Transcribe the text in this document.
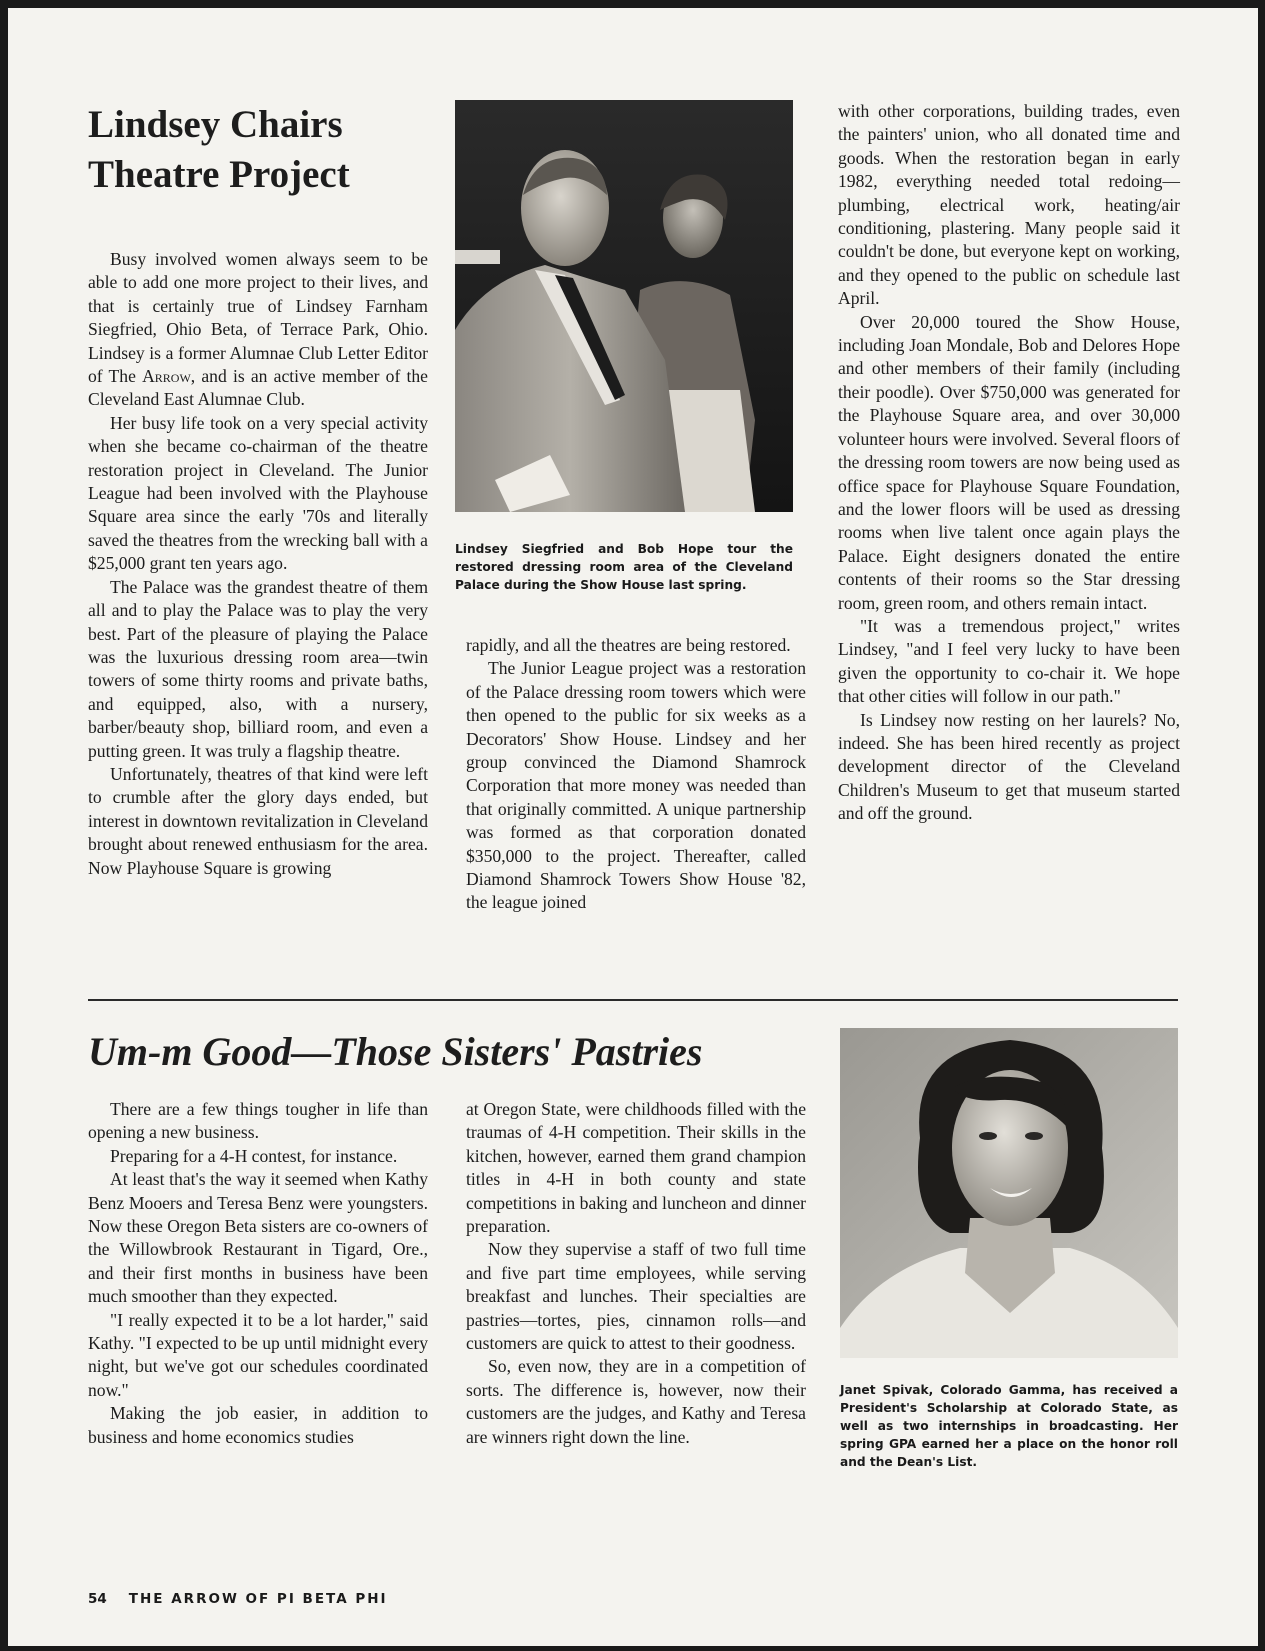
Lindsey Chairs
Theatre Project

Busy involved women always seem to be able to add one more project to their lives, and that is certainly true of Lindsey Farnham Siegfried, Ohio Beta, of Terrace Park, Ohio. Lindsey is a former Alumnae Club Letter Editor of The Arrow, and is an active member of the Cleveland East Alumnae Club.

Her busy life took on a very special activity when she became co-chairman of the theatre restoration project in Cleveland. The Junior League had been involved with the Playhouse Square area since the early '70s and literally saved the theatres from the wrecking ball with a $25,000 grant ten years ago.

The Palace was the grandest theatre of them all and to play the Palace was to play the very best. Part of the pleasure of playing the Palace was the luxurious dressing room area—twin towers of some thirty rooms and private baths, and equipped, also, with a nursery, barber/beauty shop, billiard room, and even a putting green. It was truly a flagship theatre.

Unfortunately, theatres of that kind were left to crumble after the glory days ended, but interest in downtown revitalization in Cleveland brought about renewed enthusiasm for the area. Now Playhouse Square is growing

Lindsey Siegfried and Bob Hope tour the restored dressing room area of the Cleveland Palace during the Show House last spring.

rapidly, and all the theatres are being restored.

The Junior League project was a restoration of the Palace dressing room towers which were then opened to the public for six weeks as a Decorators' Show House. Lindsey and her group convinced the Diamond Shamrock Corporation that more money was needed than that originally committed. A unique partnership was formed as that corporation donated $350,000 to the project. Thereafter, called Diamond Shamrock Towers Show House '82, the league joined

with other corporations, building trades, even the painters' union, who all donated time and goods. When the restoration began in early 1982, everything needed total redoing—plumbing, electrical work, heating/air conditioning, plastering. Many people said it couldn't be done, but everyone kept on working, and they opened to the public on schedule last April.

Over 20,000 toured the Show House, including Joan Mondale, Bob and Delores Hope and other members of their family (including their poodle). Over $750,000 was generated for the Playhouse Square area, and over 30,000 volunteer hours were involved. Several floors of the dressing room towers are now being used as office space for Playhouse Square Foundation, and the lower floors will be used as dressing rooms when live talent once again plays the Palace. Eight designers donated the entire contents of their rooms so the Star dressing room, green room, and others remain intact.

"It was a tremendous project," writes Lindsey, "and I feel very lucky to have been given the opportunity to co-chair it. We hope that other cities will follow in our path."

Is Lindsey now resting on her laurels? No, indeed. She has been hired recently as project development director of the Cleveland Children's Museum to get that museum started and off the ground.

Um-m Good—Those Sisters' Pastries

There are a few things tougher in life than opening a new business.

Preparing for a 4-H contest, for instance.

At least that's the way it seemed when Kathy Benz Mooers and Teresa Benz were youngsters. Now these Oregon Beta sisters are co-owners of the Willowbrook Restaurant in Tigard, Ore., and their first months in business have been much smoother than they expected.

"I really expected it to be a lot harder," said Kathy. "I expected to be up until midnight every night, but we've got our schedules coordinated now."

Making the job easier, in addition to business and home economics studies

at Oregon State, were childhoods filled with the traumas of 4-H competition. Their skills in the kitchen, however, earned them grand champion titles in 4-H in both county and state competitions in baking and luncheon and dinner preparation.

Now they supervise a staff of two full time and five part time employees, while serving breakfast and lunches. Their specialties are pastries—tortes, pies, cinnamon rolls—and customers are quick to attest to their goodness.

So, even now, they are in a competition of sorts. The difference is, however, now their customers are the judges, and Kathy and Teresa are winners right down the line.

Janet Spivak, Colorado Gamma, has received a President's Scholarship at Colorado State, as well as two internships in broadcasting. Her spring GPA earned her a place on the honor roll and the Dean's List.
54 THE ARROW OF PI BETA PHI
